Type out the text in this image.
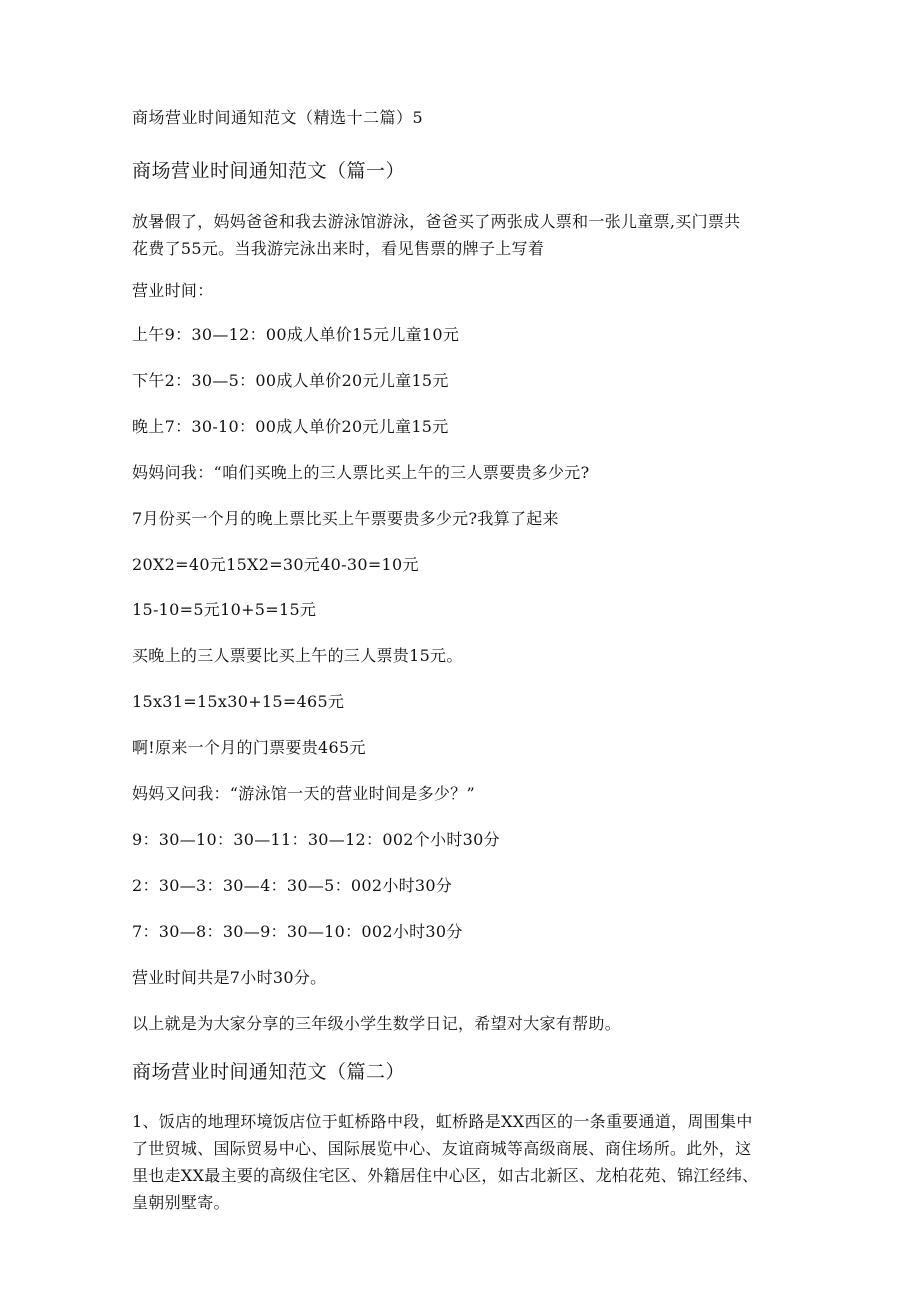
商场营业时间通知范文（精选十二篇）5
商场营业时间通知范文（篇一）
放暑假了，妈妈爸爸和我去游泳馆游泳，爸爸买了两张成人票和一张儿童票,买门票共
花费了55元。当我游完泳出来时，看见售票的牌子上写着
营业时间：
上午9：30—12：00成人单价15元儿童10元
下午2：30—5：00成人单价20元儿童15元
晚上7：30-10：00成人单价20元儿童15元
妈妈问我：“咱们买晚上的三人票比买上午的三人票要贵多少元?
7月份买一个月的晚上票比买上午票要贵多少元?我算了起来
20X2=40元15X2=30元40-30=10元
15-10=5元10+5=15元
买晚上的三人票要比买上午的三人票贵15元。
15x31=15x30+15=465元
啊!原来一个月的门票要贵465元
妈妈又问我：“游泳馆一天的营业时间是多少？”
9：30—10：30—11：30—12：002个小时30分
2：30—3：30—4：30—5：002小时30分
7：30—8：30—9：30—10：002小时30分
营业时间共是7小时30分。
以上就是为大家分享的三年级小学生数学日记，希望对大家有帮助。
商场营业时间通知范文（篇二）
1、饭店的地理环境饭店位于虹桥路中段，虹桥路是XX西区的一条重要通道，周围集中
了世贸城、国际贸易中心、国际展览中心、友谊商城等高级商展、商住场所。此外，这
里也走XX最主要的高级住宅区、外籍居住中心区，如古北新区、龙柏花苑、锦江经纬、
皇朝别墅寄。
